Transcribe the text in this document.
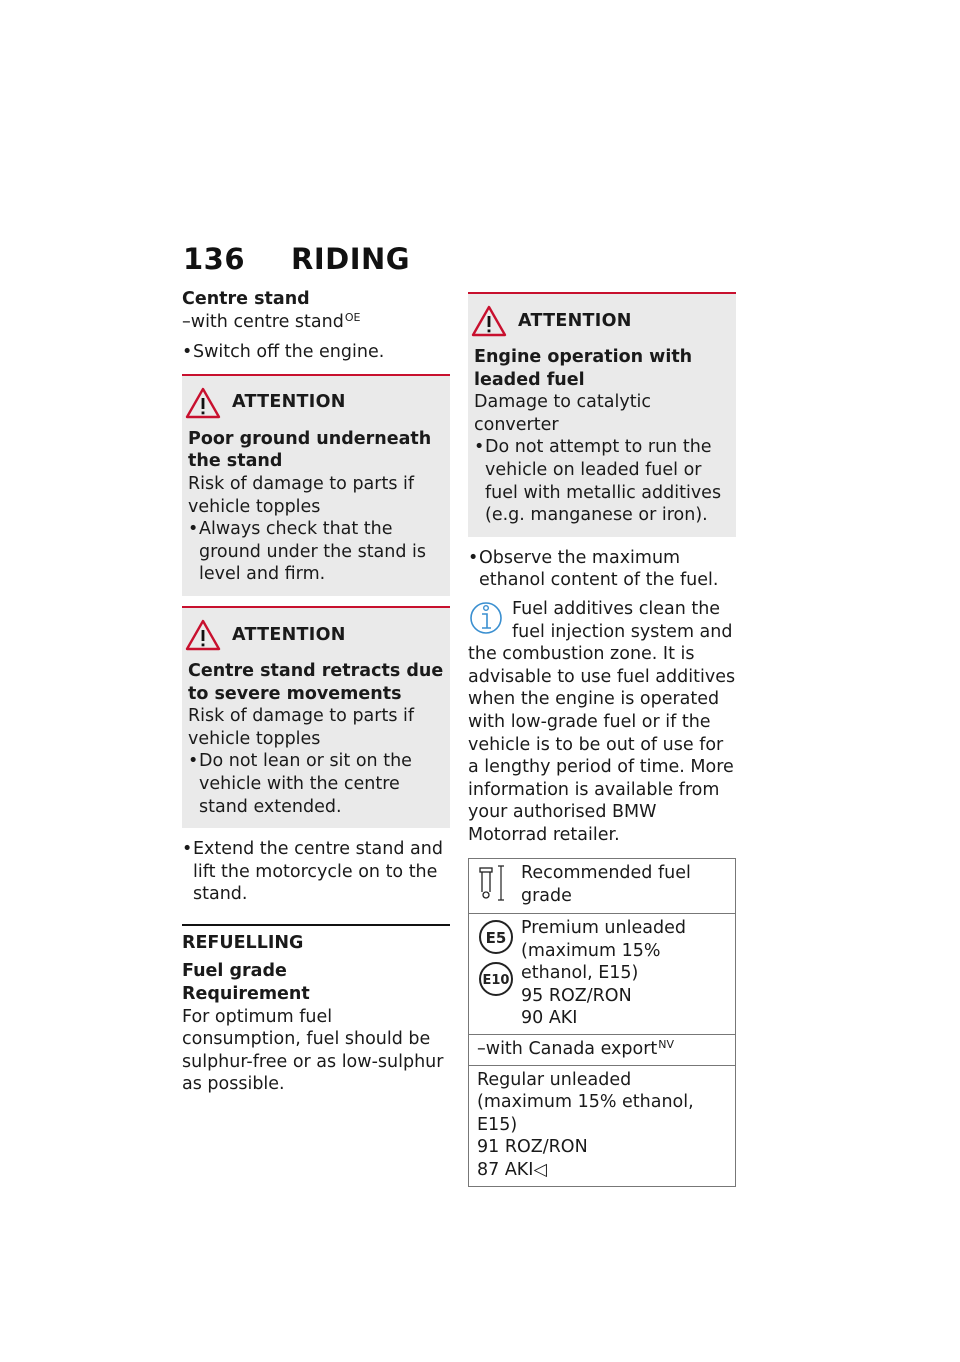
136 RIDING
Centre stand
–with centre stand$^{OE}$
• Switch off the engine.
ATTENTION
Poor ground underneath the stand
Risk of damage to parts if vehicle topples
• Always check that the ground under the stand is level and firm.
ATTENTION
Centre stand retracts due to severe movements
Risk of damage to parts if vehicle topples
• Do not lean or sit on the vehicle with the centre stand extended.
• Extend the centre stand and lift the motorcycle on to the stand.
REFUELLING
Fuel grade
Requirement
For optimum fuel consumption, fuel should be sulphur-free or as low-sulphur as possible.
ATTENTION
Engine operation with leaded fuel
Damage to catalytic converter
• Do not attempt to run the vehicle on leaded fuel or fuel with metallic additives (e.g. manganese or iron).
• Observe the maximum ethanol content of the fuel.
Fuel additives clean the fuel injection system and the combustion zone. It is advisable to use fuel additives when the engine is operated with low-grade fuel or if the vehicle is to be out of use for a lengthy period of time. More information is available from your authorised BMW Motorrad retailer.
Recommended fuel grade

E5
E10
Premium unleaded (maximum 15% ethanol, E15)
95 ROZ/RON
90 AKI

–with Canada export$^{NV}$

Regular unleaded (maximum 15% ethanol, E15)
91 ROZ/RON
87 AKI◁
